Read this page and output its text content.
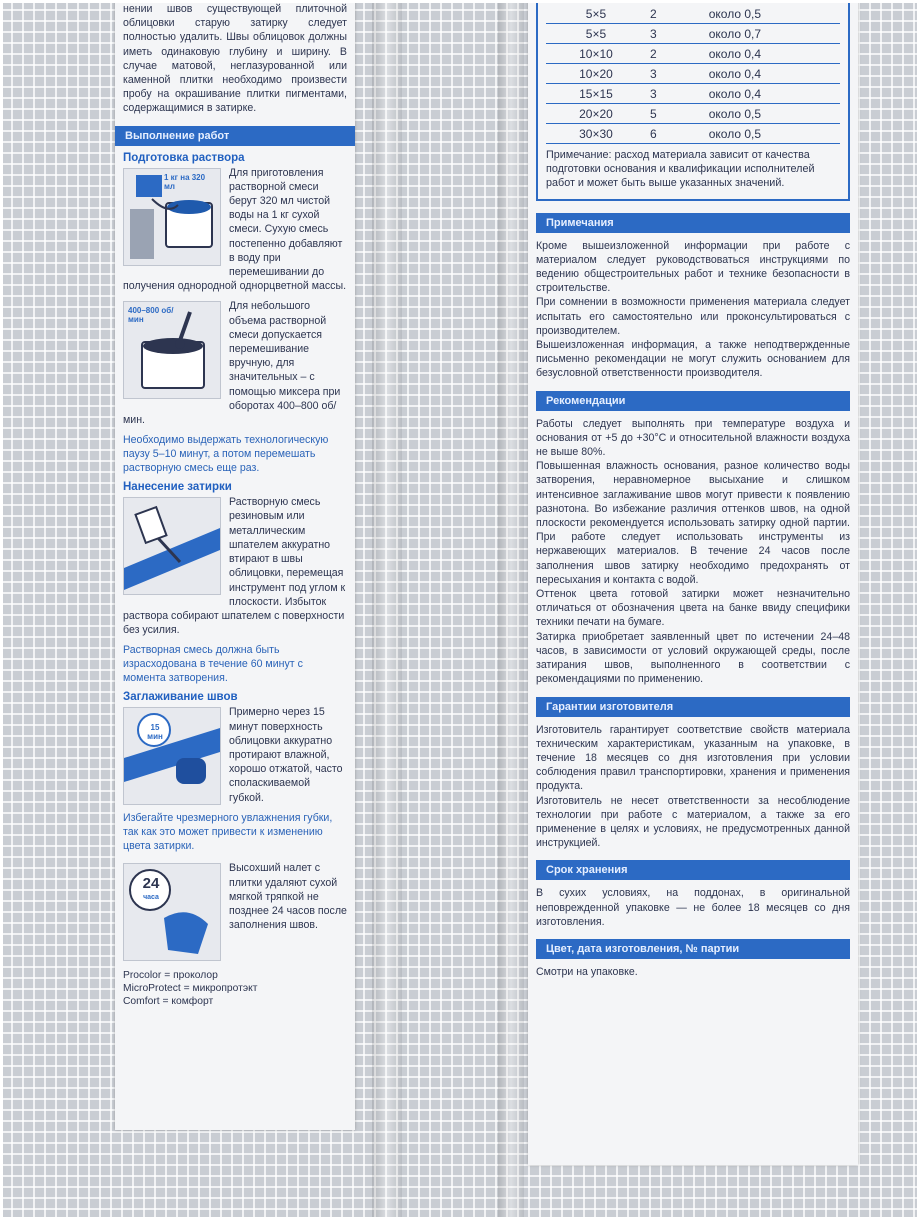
нении швов существующей плиточной облицовки старую затирку следует полностью удалить. Швы облицовок должны иметь одинаковую глубину и ширину. В случае матовой, неглазурованной или каменной плитки необходимо произвести пробу на окрашивание плитки пигментами, содержащимися в затирке.

Выполнение работ
Подготовка раствора
1 кг на 320 мл

Для приготовления растворной смеси берут 320 мл чистой воды на 1 кг сухой смеси. Сухую смесь постепенно добавляют в воду при перемешивании до получения однородной однорцветной массы.

400–800 об/мин

Для небольшого объема растворной смеси допускается перемешивание вручную, для значительных – с помощью миксера при оборотах 400–800 об/мин.

Необходимо выдержать технологическую паузу 5–10 минут, а потом перемешать растворную смесь еще раз.

Нанесение затирки

Растворную смесь резиновым или металлическим шпателем аккуратно втирают в швы облицовки, перемещая инструмент под углом к плоскости. Избыток раствора собирают шпателем с поверхности без усилия.

Растворная смесь должна быть израсходована в течение 60 минут с момента затворения.

Заглаживание швов
15 мин

Примерно через 15 минут поверхность облицовки аккуратно протирают влажной, хорошо отжатой, часто споласкиваемой губкой.

Избегайте чрезмерного увлажнения губки, так как это может привести к изменению цвета затирки.

24
часа

Высохший налет с плитки удаляют сухой мягкой тряпкой не позднее 24 часов после заполнения швов.

Procolor = проколор
MicroProtect = микропротэкт
Comfort = комфорт
5×5	2	около 0,5
5×5	3	около 0,7
10×10	2	около 0,4
10×20	3	около 0,4
15×15	3	около 0,4
20×20	5	около 0,5
30×30	6	около 0,5

Примечание: расход материала зависит от качества подготовки основания и квалификации исполнителей работ и может быть выше указанных значений.

Примечания

Кроме вышеизложенной информации при работе с материалом следует руководствоваться инструкциями по ведению общестроительных работ и технике безопасности в строительстве.

При сомнении в возможности применения материала следует испытать его самостоятельно или проконсультироваться с производителем.

Вышеизложенная информация, а также неподтвержденные письменно рекомендации не могут служить основанием для безусловной ответственности производителя.

Рекомендации

Работы следует выполнять при температуре воздуха и основания от +5 до +30°С и относительной влажности воздуха не выше 80%.

Повышенная влажность основания, разное количество воды затворения, неравномерное высыхание и слишком интенсивное заглаживание швов могут привести к появлению разнотона. Во избежание различия оттенков швов, на одной плоскости рекомендуется использовать затирку одной партии. При работе следует использовать инструменты из нержавеющих материалов. В течение 24 часов после заполнения швов затирку необходимо предохранять от пересыхания и контакта с водой.

Оттенок цвета готовой затирки может незначительно отличаться от обозначения цвета на банке ввиду специфики техники печати на бумаге.

Затирка приобретает заявленный цвет по истечении 24–48 часов, в зависимости от условий окружающей среды, после затирания швов, выполненного в соответствии с рекомендациями по применению.

Гарантии изготовителя

Изготовитель гарантирует соответствие свойств материала техническим характеристикам, указанным на упаковке, в течение 18 месяцев со дня изготовления при условии соблюдения правил транспортировки, хранения и применения продукта.

Изготовитель не несет ответственности за несоблюдение технологии при работе с материалом, а также за его применение в целях и условиях, не предусмотренных данной инструкцией.

Срок хранения

В сухих условиях, на поддонах, в оригинальной неповрежденной упаковке — не более 18 месяцев со дня изготовления.

Цвет, дата изготовления, № партии

Смотри на упаковке.
